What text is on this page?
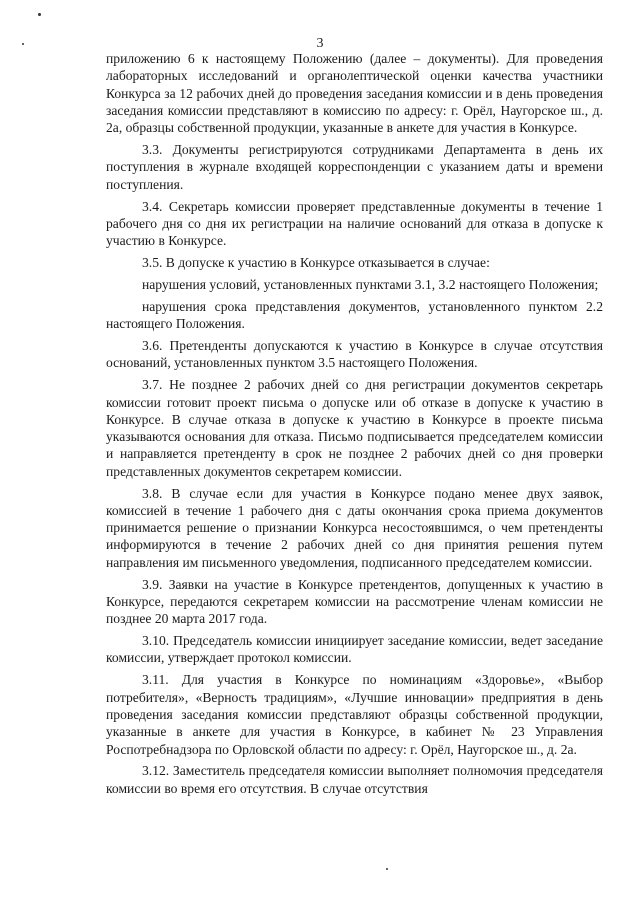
3

приложению 6 к настоящему Положению (далее – документы). Для проведения лабораторных исследований и органолептической оценки качества участники Конкурса за 12 рабочих дней до проведения заседания комиссии и в день проведения заседания комиссии представляют в комиссию по адресу: г. Орёл, Наугорское ш., д. 2а, образцы собственной продукции, указанные в анкете для участия в Конкурсе.

3.3. Документы регистрируются сотрудниками Департамента в день их поступления в журнале входящей корреспонденции с указанием даты и времени поступления.

3.4. Секретарь комиссии проверяет представленные документы в течение 1 рабочего дня со дня их регистрации на наличие оснований для отказа в допуске к участию в Конкурсе.

3.5. В допуске к участию в Конкурсе отказывается в случае:

нарушения условий, установленных пунктами 3.1, 3.2 настоящего Положения;

нарушения срока представления документов, установленного пунктом 2.2 настоящего Положения.

3.6. Претенденты допускаются к участию в Конкурсе в случае отсутствия оснований, установленных пунктом 3.5 настоящего Положения.

3.7. Не позднее 2 рабочих дней со дня регистрации документов секретарь комиссии готовит проект письма о допуске или об отказе в допуске к участию в Конкурсе. В случае отказа в допуске к участию в Конкурсе в проекте письма указываются основания для отказа. Письмо подписывается председателем комиссии и направляется претенденту в срок не позднее 2 рабочих дней со дня проверки представленных документов секретарем комиссии.

3.8. В случае если для участия в Конкурсе подано менее двух заявок, комиссией в течение 1 рабочего дня с даты окончания срока приема документов принимается решение о признании Конкурса несостоявшимся, о чем претенденты информируются в течение 2 рабочих дней со дня принятия решения путем направления им письменного уведомления, подписанного председателем комиссии.

3.9. Заявки на участие в Конкурсе претендентов, допущенных к участию в Конкурсе, передаются секретарем комиссии на рассмотрение членам комиссии не позднее 20 марта 2017 года.

3.10. Председатель комиссии инициирует заседание комиссии, ведет заседание комиссии, утверждает протокол комиссии.

3.11. Для участия в Конкурсе по номинациям «Здоровье», «Выбор потребителя», «Верность традициям», «Лучшие инновации» предприятия в день проведения заседания комиссии представляют образцы собственной продукции, указанные в анкете для участия в Конкурсе, в кабинет № 23 Управления Роспотребнадзора по Орловской области по адресу: г. Орёл, Наугорское ш., д. 2а.

3.12. Заместитель председателя комиссии выполняет полномочия председателя комиссии во время его отсутствия. В случае отсутствия
